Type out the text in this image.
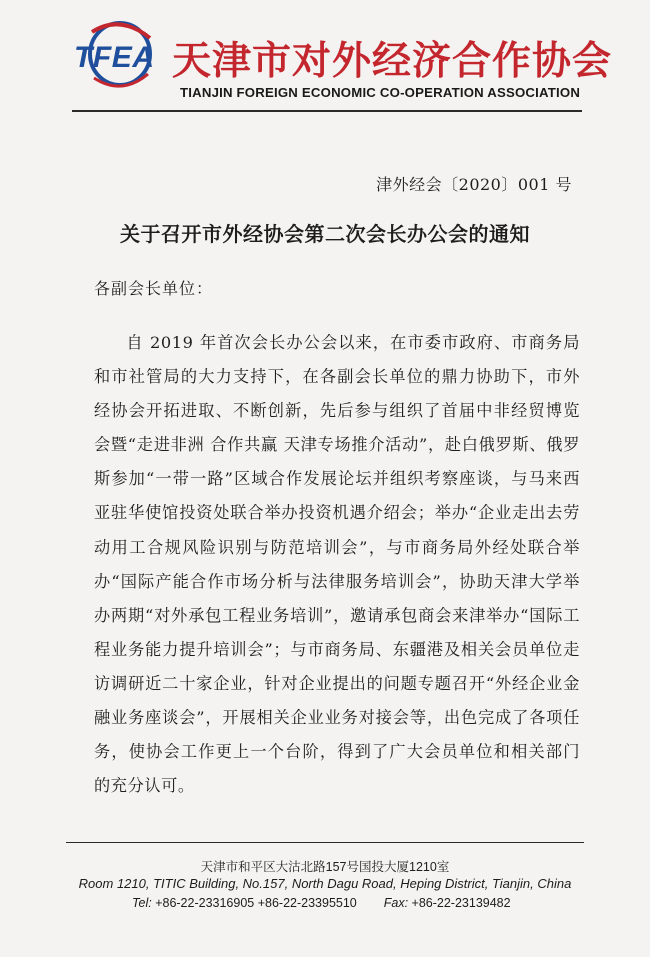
TFEA 天津市对外经济合作协会
TIANJIN FOREIGN ECONOMIC CO-OPERATION ASSOCIATION
津外经会〔2020〕001 号
关于召开市外经协会第二次会长办公会的通知
各副会长单位：

自 2019 年首次会长办公会以来，在市委市政府、市商务局和市社管局的大力支持下，在各副会长单位的鼎力协助下，市外经协会开拓进取、不断创新，先后参与组织了首届中非经贸博览会暨“走进非洲 合作共赢 天津专场推介活动”，赴白俄罗斯、俄罗斯参加“一带一路”区域合作发展论坛并组织考察座谈，与马来西亚驻华使馆投资处联合举办投资机遇介绍会；举办“企业走出去劳动用工合规风险识别与防范培训会”，与市商务局外经处联合举办“国际产能合作市场分析与法律服务培训会”，协助天津大学举办两期“对外承包工程业务培训”，邀请承包商会来津举办“国际工程业务能力提升培训会”；与市商务局、东疆港及相关会员单位走访调研近二十家企业，针对企业提出的问题专题召开“外经企业金融业务座谈会”，开展相关企业业务对接会等，出色完成了各项任务，使协会工作更上一个台阶，得到了广大会员单位和相关部门的充分认可。

天津市和平区大沽北路157号国投大厦1210室
Room 1210, TITIC Building, No.157, North Dagu Road, Heping District, Tianjin, China
Tel: +86-22-23316905 +86-22-23395510 Fax: +86-22-23139482
